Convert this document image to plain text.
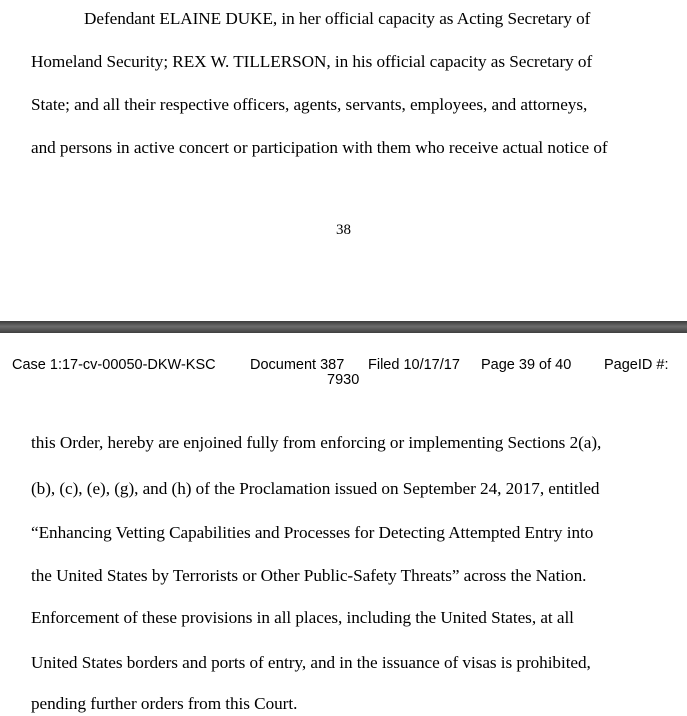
Defendant ELAINE DUKE, in her official capacity as Acting Secretary of
Homeland Security; REX W. TILLERSON, in his official capacity as Secretary of
State; and all their respective officers, agents, servants, employees, and attorneys,
and persons in active concert or participation with them who receive actual notice of
38
Case 1:17-cv-00050-DKW-KSC Document 387 Filed 10/17/17 Page 39 of 40 PageID #:
7930
this Order, hereby are enjoined fully from enforcing or implementing Sections 2(a),
(b), (c), (e), (g), and (h) of the Proclamation issued on September 24, 2017, entitled
“Enhancing Vetting Capabilities and Processes for Detecting Attempted Entry into
the United States by Terrorists or Other Public-Safety Threats” across the Nation.
Enforcement of these provisions in all places, including the United States, at all
United States borders and ports of entry, and in the issuance of visas is prohibited,
pending further orders from this Court.
